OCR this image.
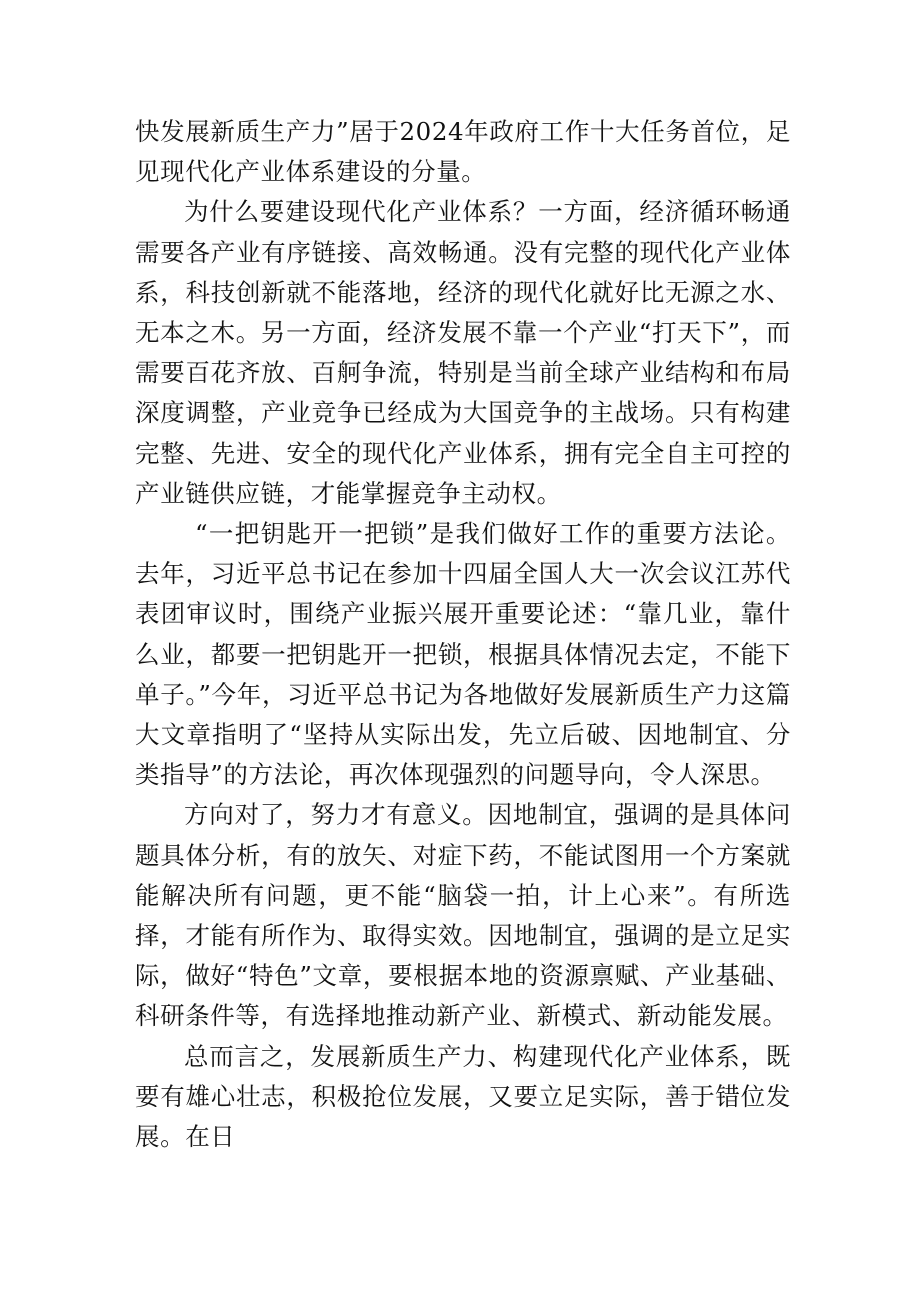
快发展新质生产力”居于2024年政府工作十大任务首位，足见现代化产业体系建设的分量。

为什么要建设现代化产业体系？一方面，经济循环畅通需要各产业有序链接、高效畅通。没有完整的现代化产业体系，科技创新就不能落地，经济的现代化就好比无源之水、无本之木。另一方面，经济发展不靠一个产业“打天下”，而需要百花齐放、百舸争流，特别是当前全球产业结构和布局深度调整，产业竞争已经成为大国竞争的主战场。只有构建完整、先进、安全的现代化产业体系，拥有完全自主可控的产业链供应链，才能掌握竞争主动权。

“一把钥匙开一把锁”是我们做好工作的重要方法论。去年，习近平总书记在参加十四届全国人大一次会议江苏代表团审议时，围绕产业振兴展开重要论述：“靠几业，靠什么业，都要一把钥匙开一把锁，根据具体情况去定，不能下单子。”今年，习近平总书记为各地做好发展新质生产力这篇大文章指明了“坚持从实际出发，先立后破、因地制宜、分类指导”的方法论，再次体现强烈的问题导向，令人深思。

方向对了，努力才有意义。因地制宜，强调的是具体问题具体分析，有的放矢、对症下药，不能试图用一个方案就能解决所有问题，更不能“脑袋一拍，计上心来”。有所选择，才能有所作为、取得实效。因地制宜，强调的是立足实际，做好“特色”文章，要根据本地的资源禀赋、产业基础、科研条件等，有选择地推动新产业、新模式、新动能发展。

总而言之，发展新质生产力、构建现代化产业体系，既要有雄心壮志，积极抢位发展，又要立足实际，善于错位发展。在日
